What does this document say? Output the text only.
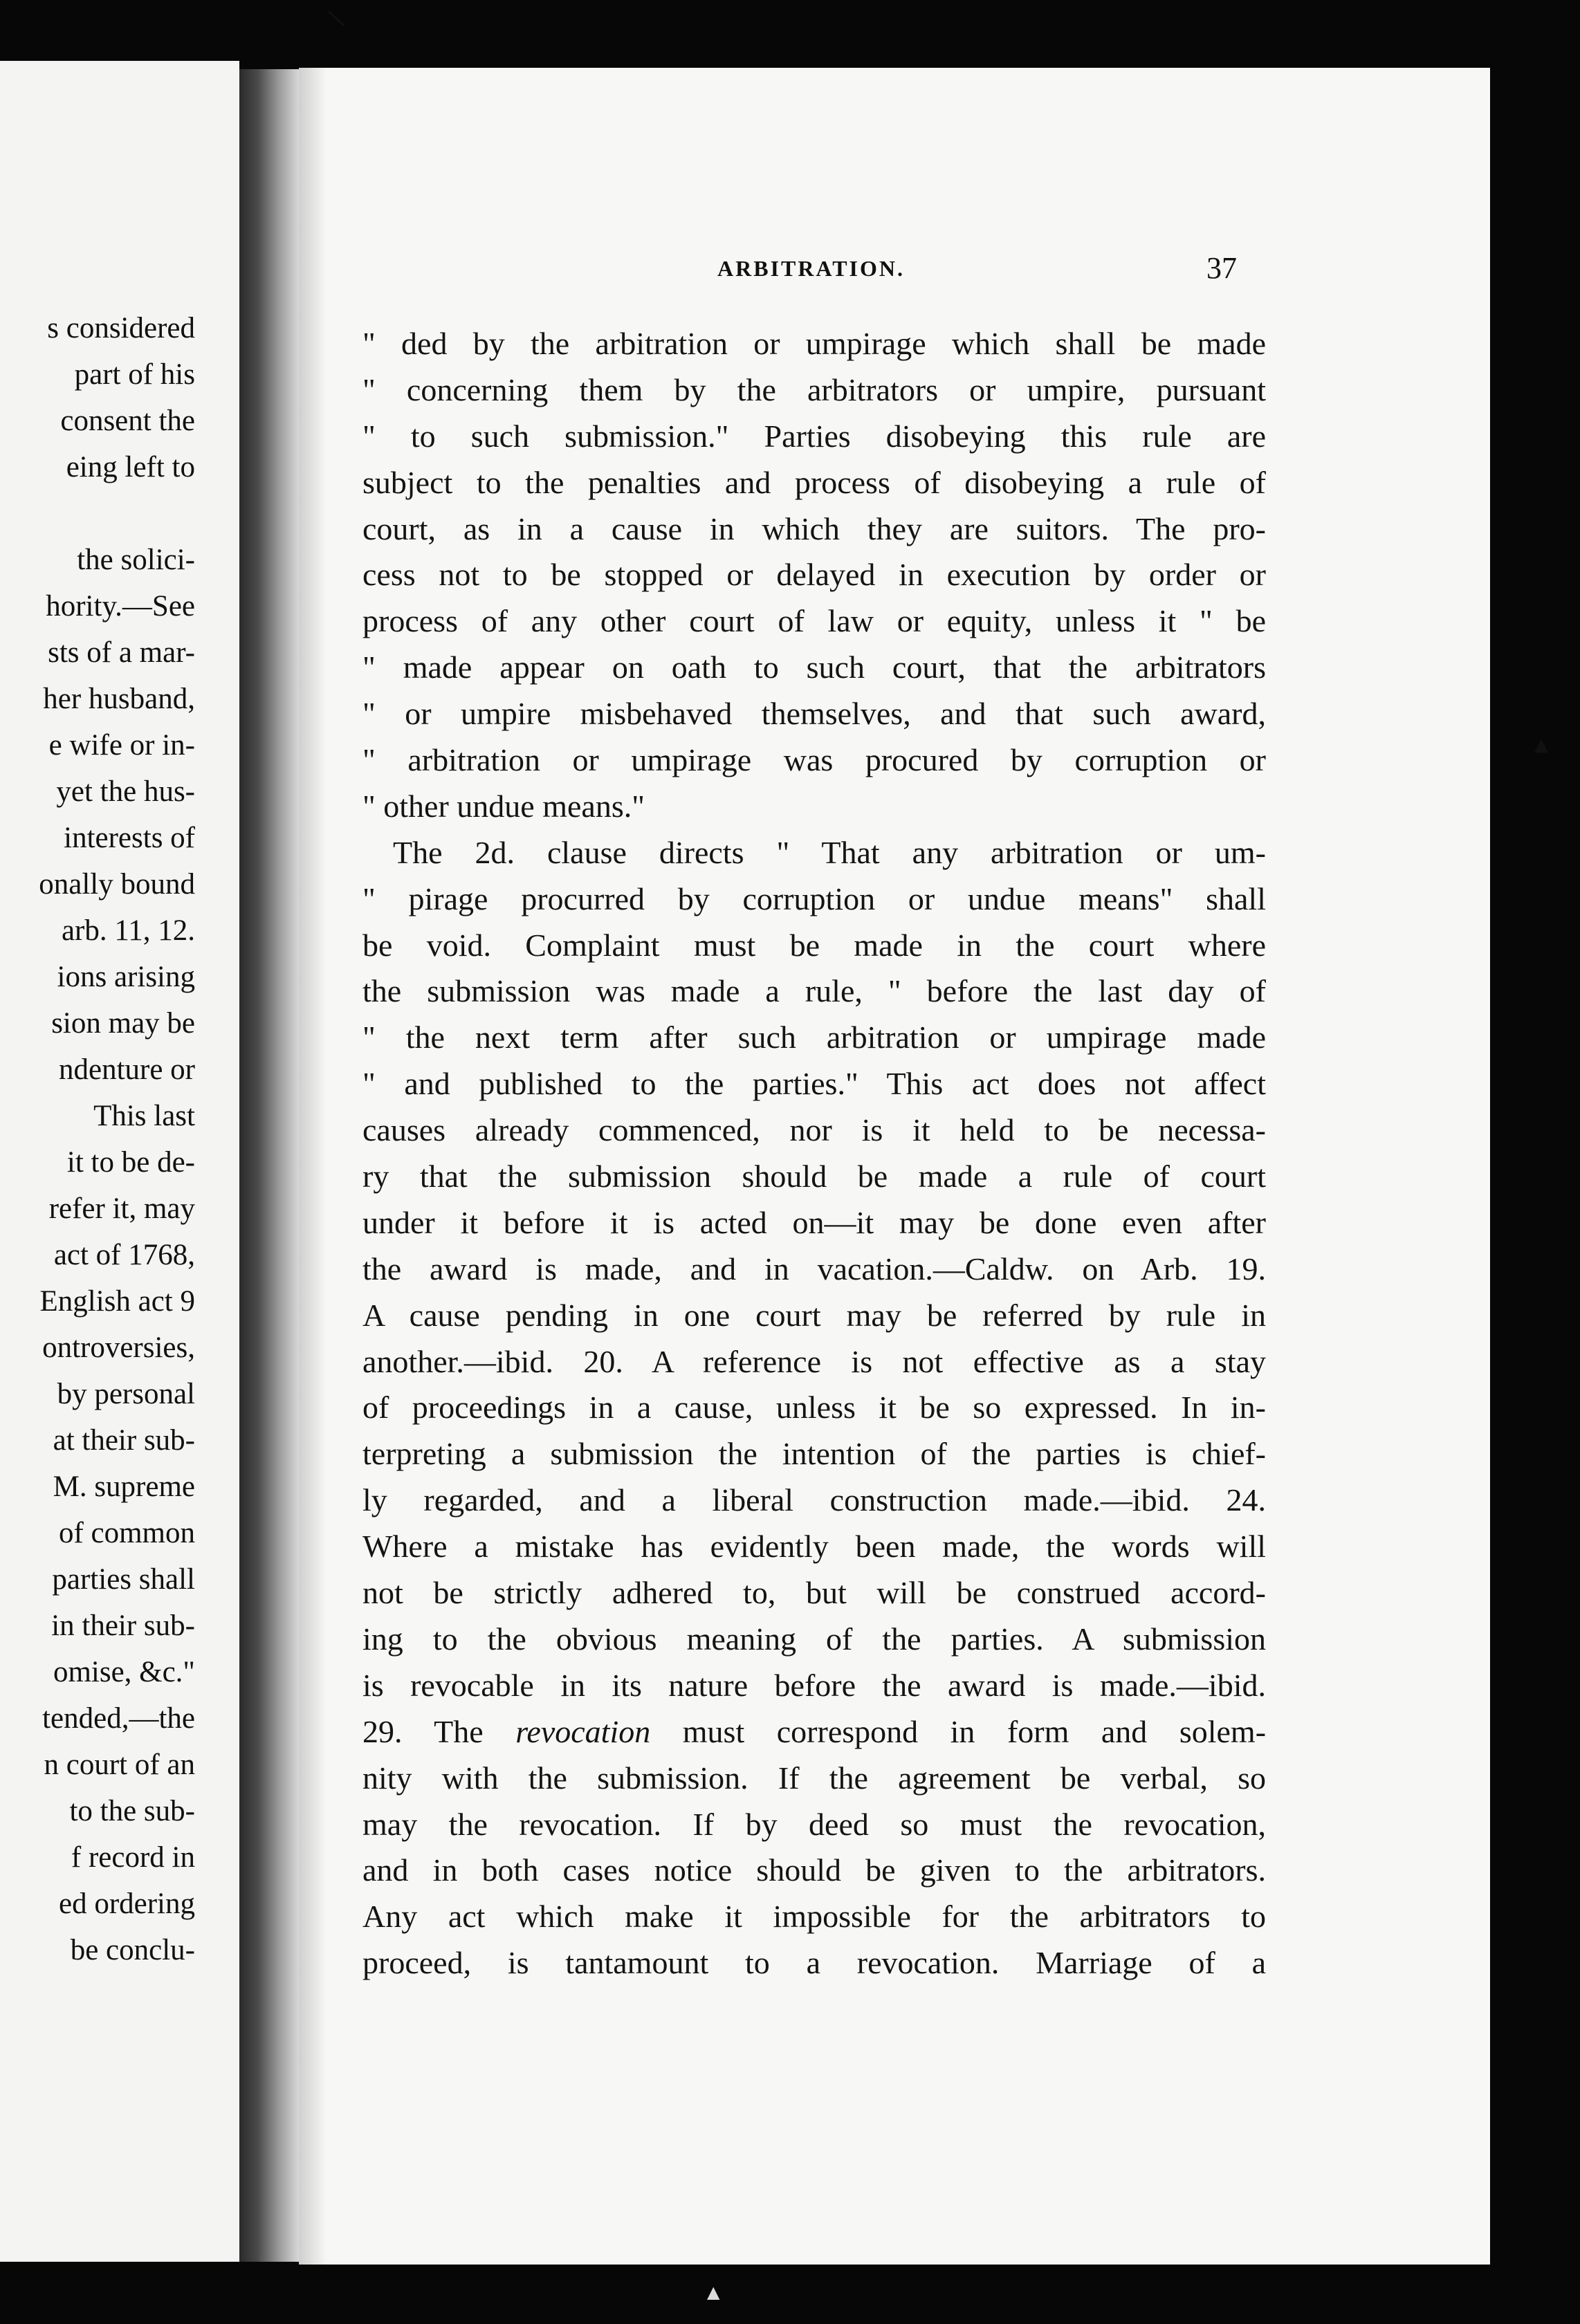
s considered
part of his
consent the
eing left to
the solici-
hority.—See
sts of a mar-
her husband,
e wife or in-
yet the hus-
interests of
onally bound
arb. 11, 12.
ions arising
sion may be
ndenture or
This last
it to be de-
refer it, may
act of 1768,
English act 9
ontroversies,
by personal
at their sub-
M. supreme
of common
parties shall
in their sub-
omise, &c."
tended,—the
n court of an
to the sub-
f record in
ed ordering
be conclu-
ARBITRATION.	37
" ded by the arbitration or umpirage which shall be made
" concerning them by the arbitrators or umpire, pursuant
" to such submission." Parties disobeying this rule are
subject to the penalties and process of disobeying a rule of
court, as in a cause in which they are suitors. The pro-
cess not to be stopped or delayed in execution by order or
process of any other court of law or equity, unless it " be
" made appear on oath to such court, that the arbitrators
" or umpire misbehaved themselves, and that such award,
" arbitration or umpirage was procured by corruption or
" other undue means."
The 2d. clause directs " That any arbitration or um-
" pirage procurred by corruption or undue means" shall
be void. Complaint must be made in the court where
the submission was made a rule, " before the last day of
" the next term after such arbitration or umpirage made
" and published to the parties." This act does not affect
causes already commenced, nor is it held to be necessa-
ry that the submission should be made a rule of court
under it before it is acted on—it may be done even after
the award is made, and in vacation.—Caldw. on Arb. 19.
A cause pending in one court may be referred by rule in
another.—ibid. 20. A reference is not effective as a stay
of proceedings in a cause, unless it be so expressed. In in-
terpreting a submission the intention of the parties is chief-
ly regarded, and a liberal construction made.—ibid. 24.
Where a mistake has evidently been made, the words will
not be strictly adhered to, but will be construed accord-
ing to the obvious meaning of the parties. A submission
is revocable in its nature before the award is made.—ibid.
29. The revocation must correspond in form and solem-
nity with the submission. If the agreement be verbal, so
may the revocation. If by deed so must the revocation,
and in both cases notice should be given to the arbitrators.
Any act which make it impossible for the arbitrators to
proceed, is tantamount to a revocation. Marriage of a
∖
▲
▲
